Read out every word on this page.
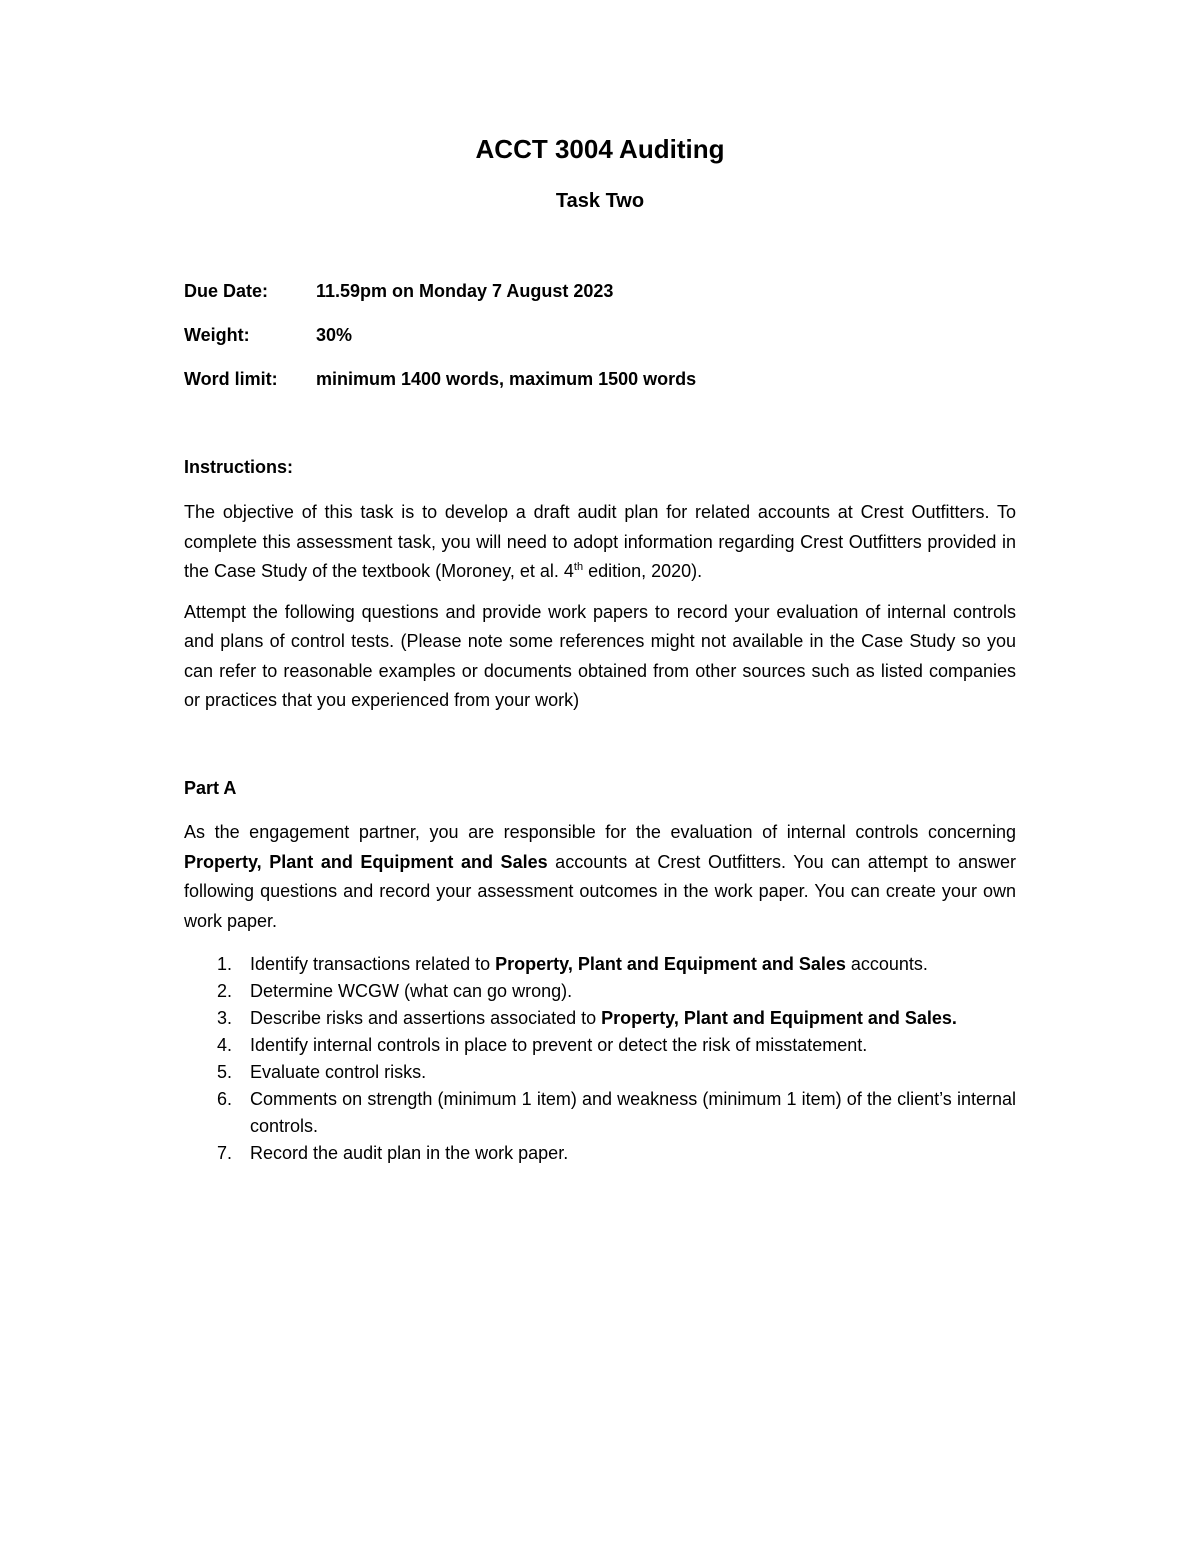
ACCT 3004 Auditing
Task Two
Due Date:	11.59pm on Monday 7 August 2023
Weight:	30%
Word limit: minimum 1400 words, maximum 1500 words
Instructions:

The objective of this task is to develop a draft audit plan for related accounts at Crest Outfitters. To complete this assessment task, you will need to adopt information regarding Crest Outfitters provided in the Case Study of the textbook (Moroney, et al. 4th edition, 2020).

Attempt the following questions and provide work papers to record your evaluation of internal controls and plans of control tests. (Please note some references might not available in the Case Study so you can refer to reasonable examples or documents obtained from other sources such as listed companies or practices that you experienced from your work)

Part A

As the engagement partner, you are responsible for the evaluation of internal controls concerning Property, Plant and Equipment and Sales accounts at Crest Outfitters. You can attempt to answer following questions and record your assessment outcomes in the work paper. You can create your own work paper.

1. Identify transactions related to Property, Plant and Equipment and Sales accounts.
2. Determine WCGW (what can go wrong).
3. Describe risks and assertions associated to Property, Plant and Equipment and Sales.
4. Identify internal controls in place to prevent or detect the risk of misstatement.
5. Evaluate control risks.
6. Comments on strength (minimum 1 item) and weakness (minimum 1 item) of the client’s internal controls.
7. Record the audit plan in the work paper.
